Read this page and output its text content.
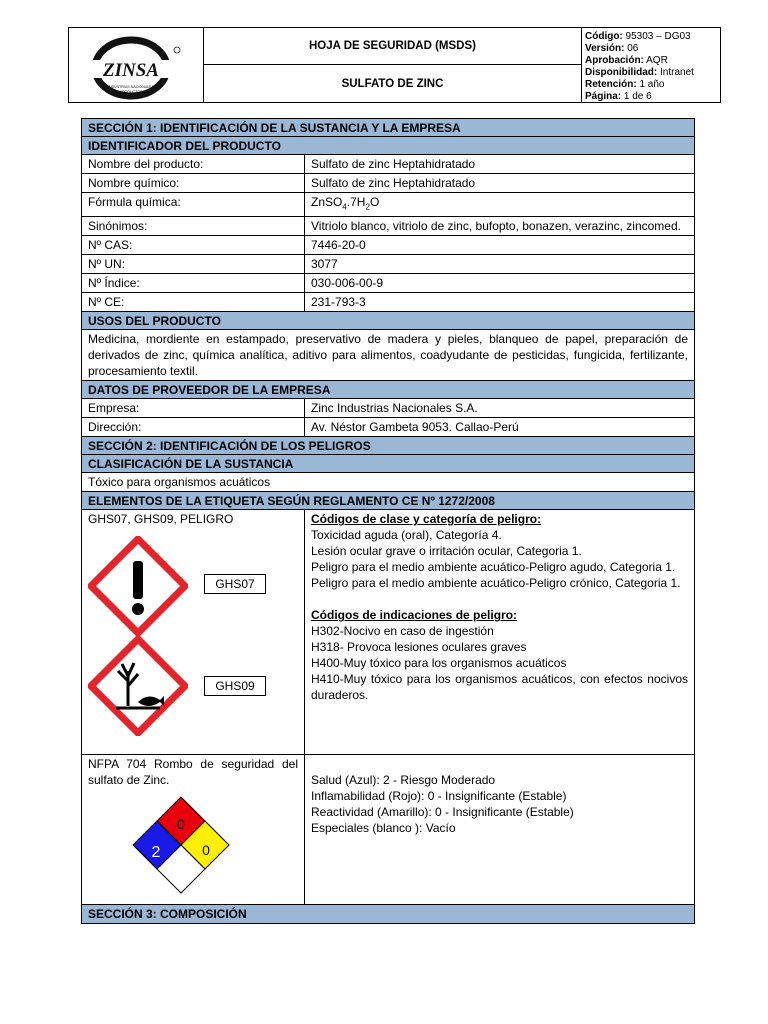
ZINSA
INDUSTRIAS NACIONALES
PRODUCTOS
HOJA DE SEGURIDAD (MSDS)
SULFATO DE ZINC
Código: 95303 – DG03
Versión: 06
Aprobación: AQR
Disponibilidad: Intranet
Retención: 1 año
Página: 1 de 6
SECCIÓN 1: IDENTIFICACIÓN DE LA SUSTANCIA Y LA EMPRESA
IDENTIFICADOR DEL PRODUCTO
Nombre del producto:	Sulfato de zinc Heptahidratado
Nombre químico:	Sulfato de zinc Heptahidratado
Fórmula química:	$ZnSO_4.7H_2O$
Sinónimos:	Vitriolo blanco, vitriolo de zinc, bufopto, bonazen, verazinc, zincomed.
Nº CAS:	7446-20-0
Nº UN:	3077
Nº Índice:	030-006-00-9
Nº CE:	231-793-3
USOS DEL PRODUCTO
Medicina, mordiente en estampado, preservativo de madera y pieles, blanqueo de papel, preparación de derivados de zinc, química analítica, aditivo para alimentos, coadyudante de pesticidas, fungicida, fertilizante, procesamiento textil.
DATOS DE PROVEEDOR DE LA EMPRESA
Empresa:	Zinc Industrias Nacionales S.A.
Dirección:	Av. Néstor Gambeta 9053. Callao-Perú
SECCIÓN 2: IDENTIFICACIÓN DE LOS PELIGROS
CLASIFICACIÓN DE LA SUSTANCIA
Tóxico para organismos acuáticos
ELEMENTOS DE LA ETIQUETA SEGÚN REGLAMENTO CE Nº 1272/2008
GHS07, GHS09, PELIGRO
GHS07
GHS09
Códigos de clase y categoría de peligro:
Toxicidad aguda (oral), Categoría 4.
Lesión ocular grave o irritación ocular, Categoria 1.
Peligro para el medio ambiente acuático-Peligro agudo, Categoria 1.
Peligro para el medio ambiente acuático-Peligro crónico, Categoria 1.
Códigos de indicaciones de peligro:
H302-Nocivo en caso de ingestión
H318- Provoca lesiones oculares graves
H400-Muy tóxico para los organismos acuáticos
H410-Muy tóxico para los organismos acuáticos, con efectos nocivos duraderos.
NFPA 704 Rombo de seguridad del sulfato de Zinc.
0
2	0
Salud (Azul): 2 - Riesgo Moderado
Inflamabilidad (Rojo): 0 - Insignificante (Estable)
Reactividad (Amarillo): 0 - Insignificante (Estable)
Especiales (blanco ): Vacío
SECCIÓN 3: COMPOSICIÓN
